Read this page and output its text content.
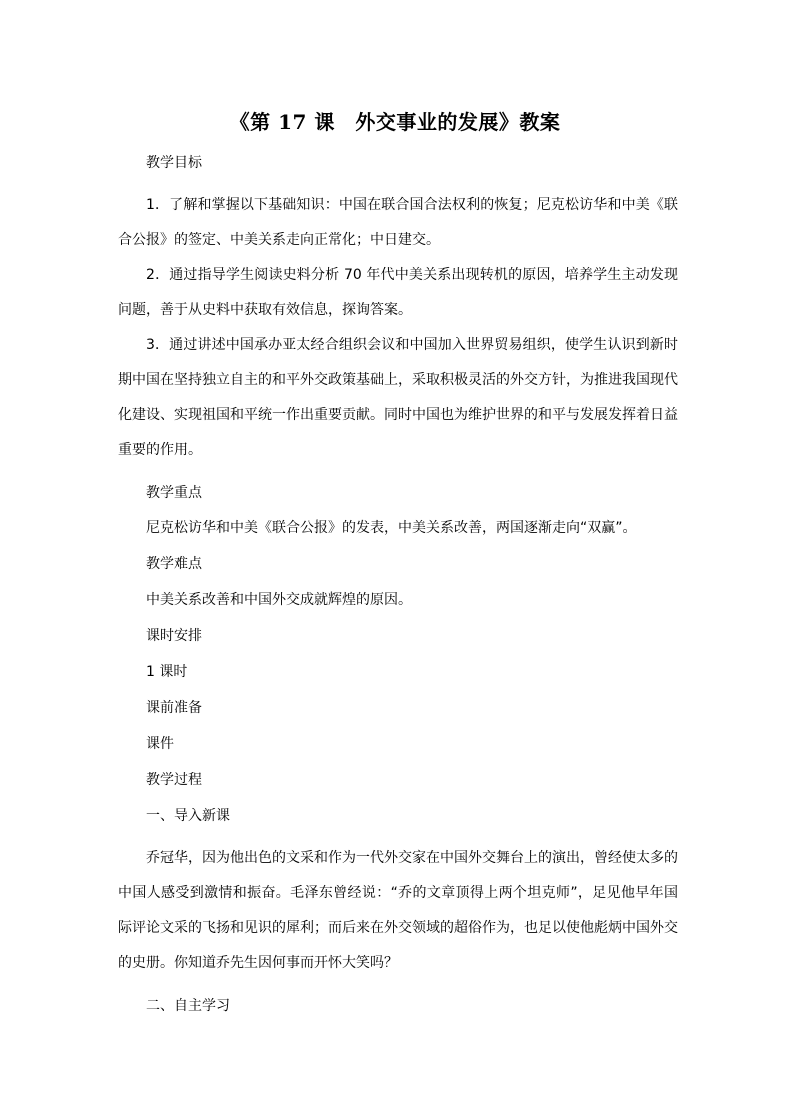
《第 17 课　外交事业的发展》教案

教学目标

1．了解和掌握以下基础知识：中国在联合国合法权利的恢复；尼克松访华和中美《联合公报》的签定、中美关系走向正常化；中日建交。

2．通过指导学生阅读史料分析 70 年代中美关系出现转机的原因，培养学生主动发现问题，善于从史料中获取有效信息，探询答案。

3．通过讲述中国承办亚太经合组织会议和中国加入世界贸易组织，使学生认识到新时期中国在坚持独立自主的和平外交政策基础上，采取积极灵活的外交方针，为推进我国现代化建设、实现祖国和平统一作出重要贡献。同时中国也为维护世界的和平与发展发挥着日益重要的作用。

教学重点

尼克松访华和中美《联合公报》的发表，中美关系改善，两国逐渐走向“双赢”。

教学难点

中美关系改善和中国外交成就辉煌的原因。

课时安排

1 课时

课前准备

课件

教学过程

一、导入新课

乔冠华，因为他出色的文采和作为一代外交家在中国外交舞台上的演出，曾经使太多的中国人感受到激情和振奋。毛泽东曾经说：“乔的文章顶得上两个坦克师”，足见他早年国际评论文采的飞扬和见识的犀利；而后来在外交领域的超俗作为，也足以使他彪炳中国外交的史册。你知道乔先生因何事而开怀大笑吗？

二、自主学习
